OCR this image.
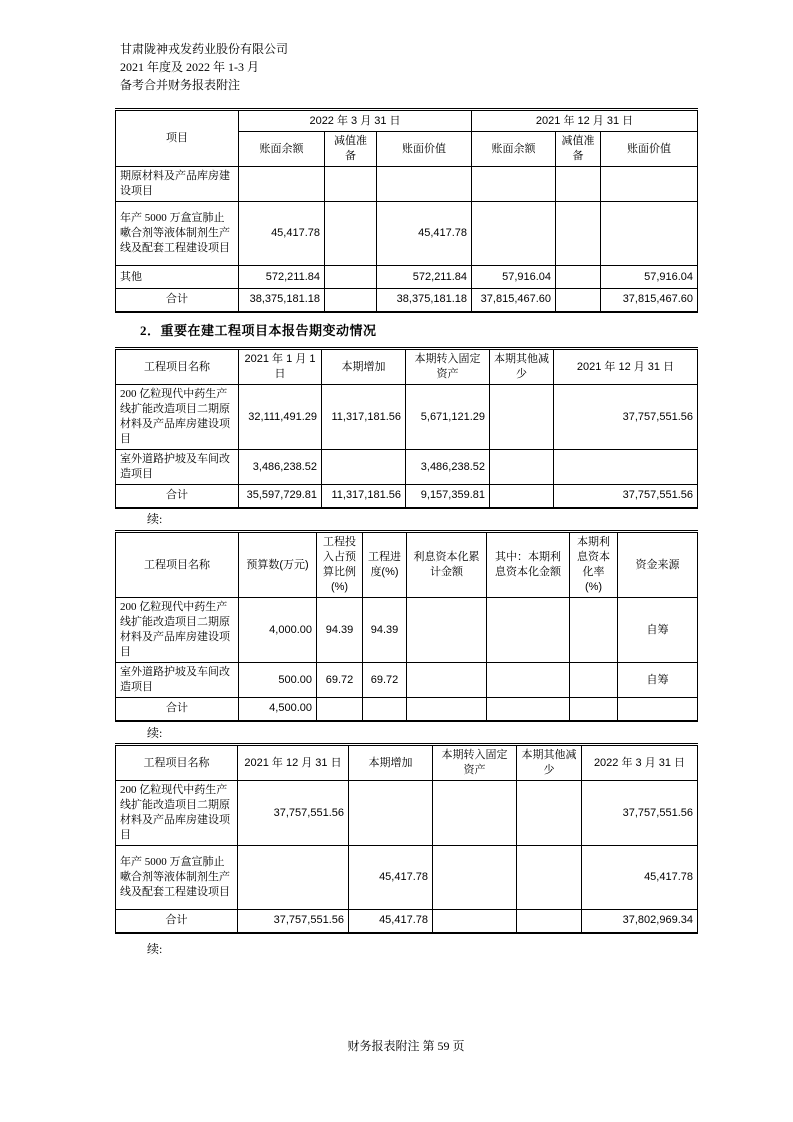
甘肃陇神戎发药业股份有限公司
2021 年度及 2022 年 1-3 月
备考合并财务报表附注
项目	2022 年 3 月 31 日			2021 年 12 月 31 日		
	账面余额	减值准备	账面价值	账面余额	减值准备	账面价值
期原材料及产品库房建设项目						
年产 5000 万盒宣肺止嗽合剂等液体制剂生产线及配套工程建设项目	45,417.78		45,417.78			
其他	572,211.84		572,211.84	57,916.04		57,916.04
合计	38,375,181.18		38,375,181.18	37,815,467.60		37,815,467.60
2．重要在建工程项目本报告期变动情况
工程项目名称	2021 年 1 月 1 日	本期增加	本期转入固定资产	本期其他减少	2021 年 12 月 31 日
200 亿粒现代中药生产线扩能改造项目二期原材料及产品库房建设项目	32,111,491.29	11,317,181.56	5,671,121.29		37,757,551.56
室外道路护坡及车间改造项目	3,486,238.52		3,486,238.52		
合计	35,597,729.81	11,317,181.56	9,157,359.81		37,757,551.56
续:
工程项目名称	预算数(万元)	工程投入占预算比例(%)	工程进度(%)	利息资本化累计金额	其中：本期利息资本化金额	本期利息资本化率(%)	资金来源
200 亿粒现代中药生产线扩能改造项目二期原材料及产品库房建设项目	4,000.00	94.39	94.39				自筹
室外道路护坡及车间改造项目	500.00	69.72	69.72				自筹
合计	4,500.00						
续:
工程项目名称	2021 年 12 月 31 日	本期增加	本期转入固定资产	本期其他减少	2022 年 3 月 31 日
200 亿粒现代中药生产线扩能改造项目二期原材料及产品库房建设项目	37,757,551.56				37,757,551.56
年产 5000 万盒宣肺止嗽合剂等液体制剂生产线及配套工程建设项目		45,417.78			45,417.78
合计	37,757,551.56	45,417.78			37,802,969.34
续:
财务报表附注 第 59 页
